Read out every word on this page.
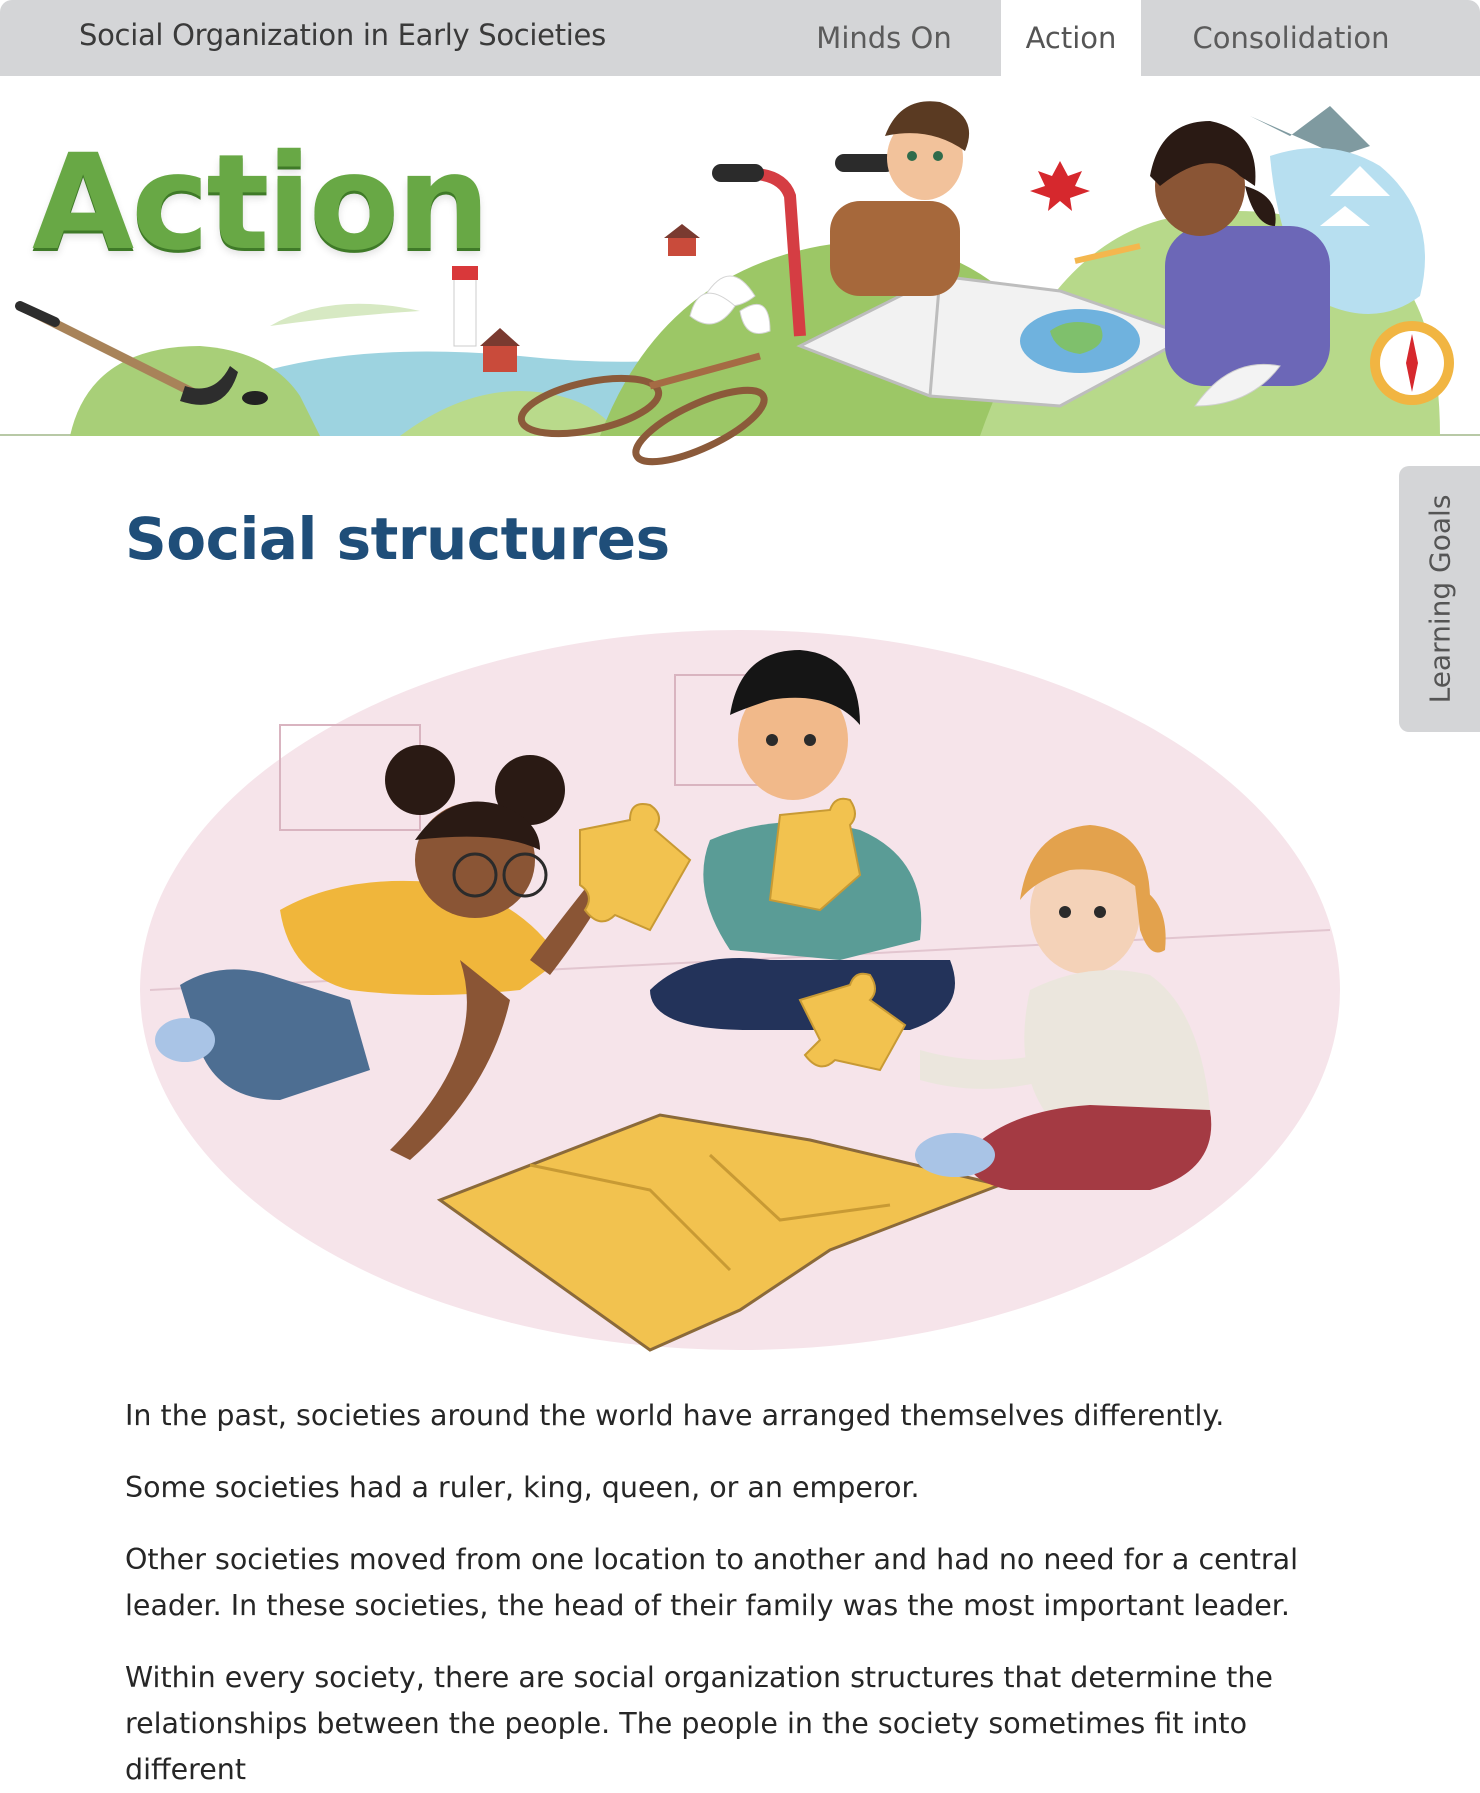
Social Organization in Early Societies	Minds On	Action	Consolidation
Action
Learning Goals
Social structures

In the past, societies around the world have arranged themselves differently.

Some societies had a ruler, king, queen, or an emperor.

Other societies moved from one location to another and had no need for a central leader. In these societies, the head of their family was the most important leader.

Within every society, there are social organization structures that determine the relationships between the people. The people in the society sometimes fit into different
